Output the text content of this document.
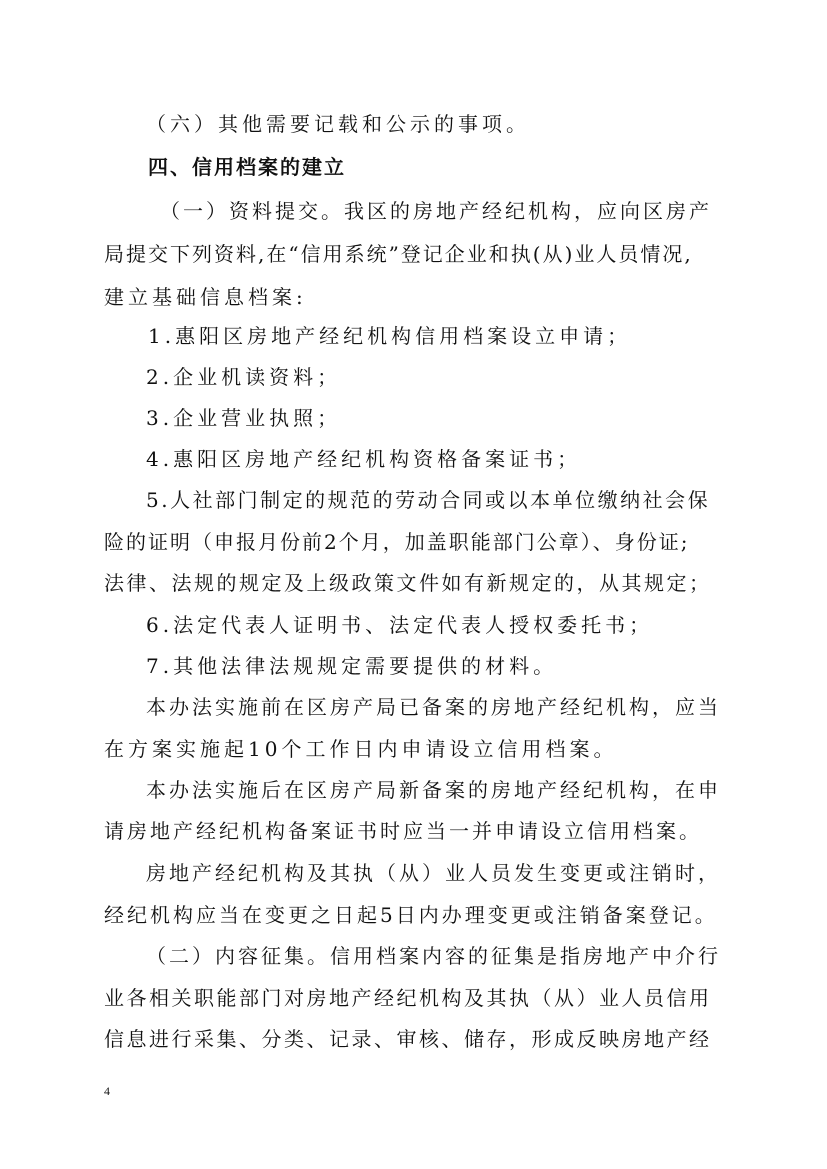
（六）其他需要记载和公示的事项。
四、信用档案的建立
（一）资料提交。我区的房地产经纪机构，应向区房产
局提交下列资料,在“信用系统”登记企业和执(从)业人员情况,
建立基础信息档案:
1.惠阳区房地产经纪机构信用档案设立申请；
2.企业机读资料；
3.企业营业执照；
4.惠阳区房地产经纪机构资格备案证书；
5.人社部门制定的规范的劳动合同或以本单位缴纳社会保
险的证明（申报月份前2个月，加盖职能部门公章）、身份证;
法律、法规的规定及上级政策文件如有新规定的，从其规定；
6.法定代表人证明书、法定代表人授权委托书；
7.其他法律法规规定需要提供的材料。
本办法实施前在区房产局已备案的房地产经纪机构，应当
在方案实施起10个工作日内申请设立信用档案。
本办法实施后在区房产局新备案的房地产经纪机构，在申
请房地产经纪机构备案证书时应当一并申请设立信用档案。
房地产经纪机构及其执（从）业人员发生变更或注销时，
经纪机构应当在变更之日起5日内办理变更或注销备案登记。
（二）内容征集。信用档案内容的征集是指房地产中介行
业各相关职能部门对房地产经纪机构及其执（从）业人员信用
信息进行采集、分类、记录、审核、储存，形成反映房地产经
4
